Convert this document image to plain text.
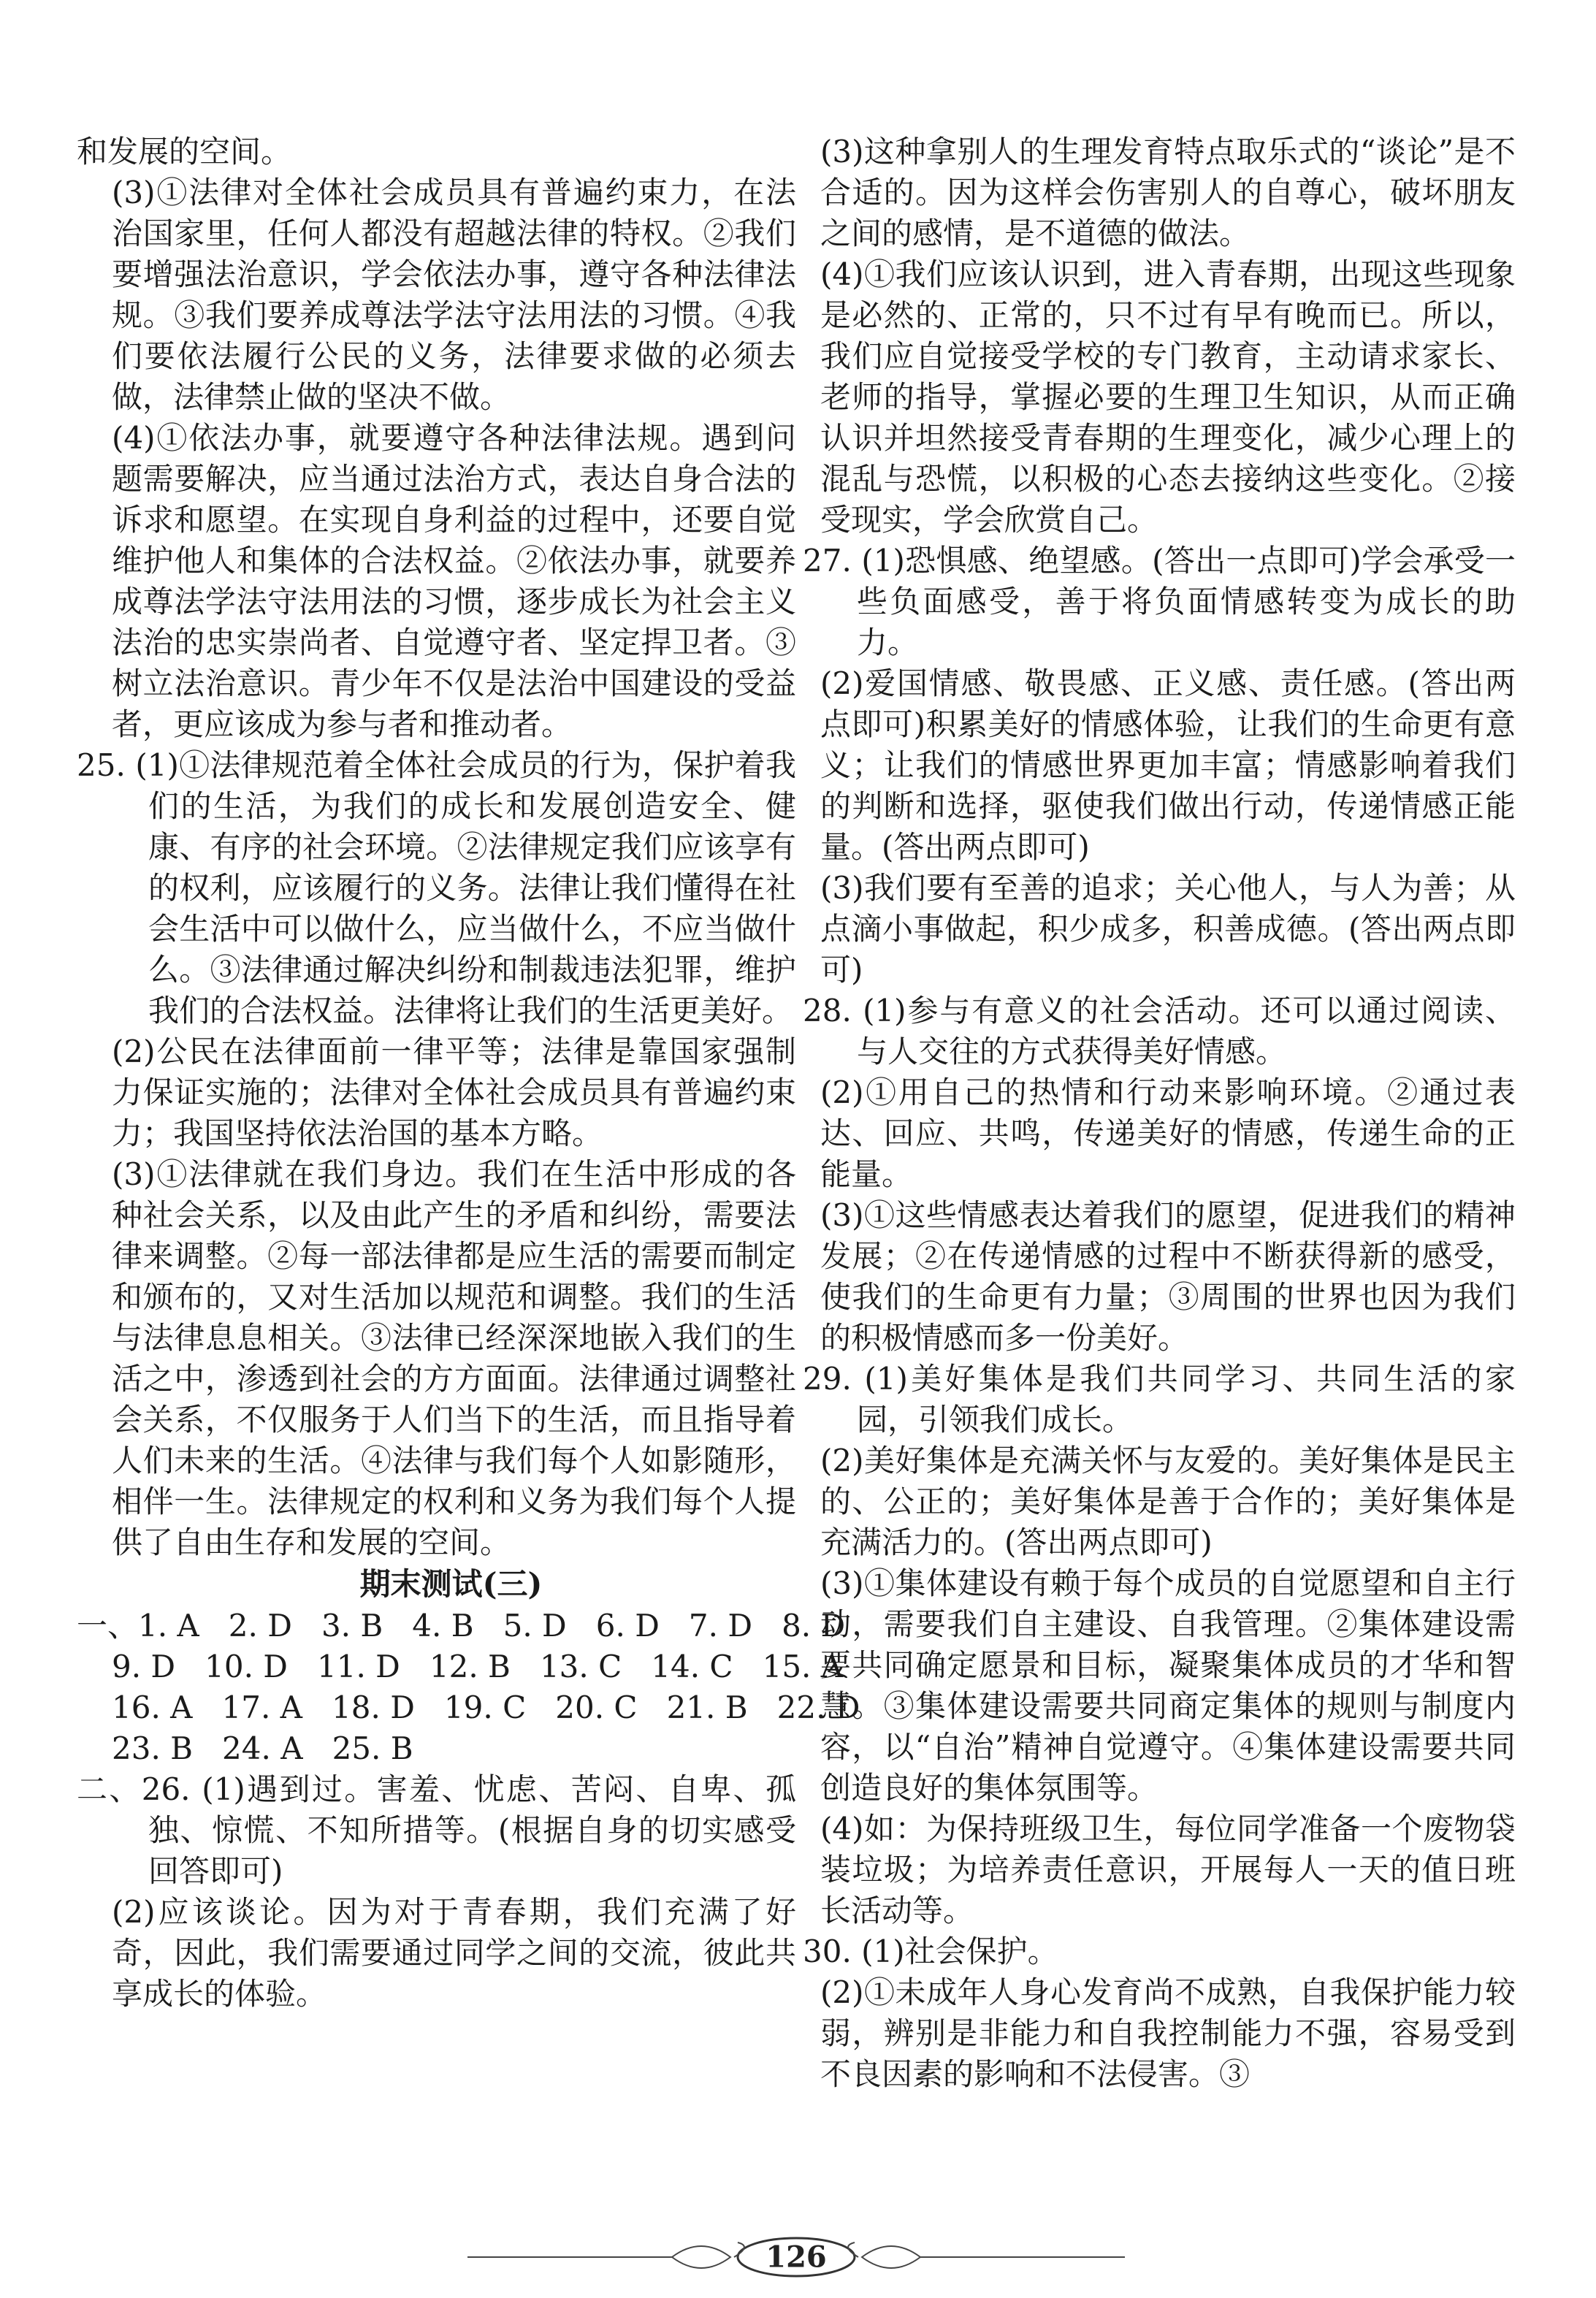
和发展的空间。

(3)①法律对全体社会成员具有普遍约束力，在法治国家里，任何人都没有超越法律的特权。②我们要增强法治意识，学会依法办事，遵守各种法律法规。③我们要养成尊法学法守法用法的习惯。④我们要依法履行公民的义务，法律要求做的必须去做，法律禁止做的坚决不做。

(4)①依法办事，就要遵守各种法律法规。遇到问题需要解决，应当通过法治方式，表达自身合法的诉求和愿望。在实现自身利益的过程中，还要自觉维护他人和集体的合法权益。②依法办事，就要养成尊法学法守法用法的习惯，逐步成长为社会主义法治的忠实崇尚者、自觉遵守者、坚定捍卫者。③树立法治意识。青少年不仅是法治中国建设的受益者，更应该成为参与者和推动者。

25. (1)①法律规范着全体社会成员的行为，保护着我们的生活，为我们的成长和发展创造安全、健康、有序的社会环境。②法律规定我们应该享有的权利，应该履行的义务。法律让我们懂得在社会生活中可以做什么，应当做什么，不应当做什么。③法律通过解决纠纷和制裁违法犯罪，维护我们的合法权益。法律将让我们的生活更美好。

(2)公民在法律面前一律平等；法律是靠国家强制力保证实施的；法律对全体社会成员具有普遍约束力；我国坚持依法治国的基本方略。

(3)①法律就在我们身边。我们在生活中形成的各种社会关系，以及由此产生的矛盾和纠纷，需要法律来调整。②每一部法律都是应生活的需要而制定和颁布的，又对生活加以规范和调整。我们的生活与法律息息相关。③法律已经深深地嵌入我们的生活之中，渗透到社会的方方面面。法律通过调整社会关系，不仅服务于人们当下的生活，而且指导着人们未来的生活。④法律与我们每个人如影随形，相伴一生。法律规定的权利和义务为我们每个人提供了自由生存和发展的空间。

期末测试(三)

一、1. A   2. D   3. B   4. B   5. D   6. D   7. D   8. D

9. D   10. D   11. D   12. B   13. C   14. C   15. A

16. A   17. A   18. D   19. C   20. C   21. B   22. D

23. B   24. A   25. B

二、26. (1)遇到过。害羞、忧虑、苦闷、自卑、孤独、惊慌、不知所措等。(根据自身的切实感受回答即可)

(2)应该谈论。因为对于青春期，我们充满了好奇，因此，我们需要通过同学之间的交流，彼此共享成长的体验。

(3)这种拿别人的生理发育特点取乐式的“谈论”是不合适的。因为这样会伤害别人的自尊心，破坏朋友之间的感情，是不道德的做法。

(4)①我们应该认识到，进入青春期，出现这些现象是必然的、正常的，只不过有早有晚而已。所以，我们应自觉接受学校的专门教育，主动请求家长、老师的指导，掌握必要的生理卫生知识，从而正确认识并坦然接受青春期的生理变化，减少心理上的混乱与恐慌，以积极的心态去接纳这些变化。②接受现实，学会欣赏自己。

27. (1)恐惧感、绝望感。(答出一点即可)学会承受一些负面感受，善于将负面情感转变为成长的助力。

(2)爱国情感、敬畏感、正义感、责任感。(答出两点即可)积累美好的情感体验，让我们的生命更有意义；让我们的情感世界更加丰富；情感影响着我们的判断和选择，驱使我们做出行动，传递情感正能量。(答出两点即可)

(3)我们要有至善的追求；关心他人，与人为善；从点滴小事做起，积少成多，积善成德。(答出两点即可)

28. (1)参与有意义的社会活动。还可以通过阅读、与人交往的方式获得美好情感。

(2)①用自己的热情和行动来影响环境。②通过表达、回应、共鸣，传递美好的情感，传递生命的正能量。

(3)①这些情感表达着我们的愿望，促进我们的精神发展；②在传递情感的过程中不断获得新的感受，使我们的生命更有力量；③周围的世界也因为我们的积极情感而多一份美好。

29. (1)美好集体是我们共同学习、共同生活的家园，引领我们成长。

(2)美好集体是充满关怀与友爱的。美好集体是民主的、公正的；美好集体是善于合作的；美好集体是充满活力的。(答出两点即可)

(3)①集体建设有赖于每个成员的自觉愿望和自主行动，需要我们自主建设、自我管理。②集体建设需要共同确定愿景和目标，凝聚集体成员的才华和智慧。③集体建设需要共同商定集体的规则与制度内容，以“自治”精神自觉遵守。④集体建设需要共同创造良好的集体氛围等。

(4)如：为保持班级卫生，每位同学准备一个废物袋装垃圾；为培养责任意识，开展每人一天的值日班长活动等。

30. (1)社会保护。

(2)①未成年人身心发育尚不成熟，自我保护能力较弱，辨别是非能力和自我控制能力不强，容易受到不良因素的影响和不法侵害。③

126
